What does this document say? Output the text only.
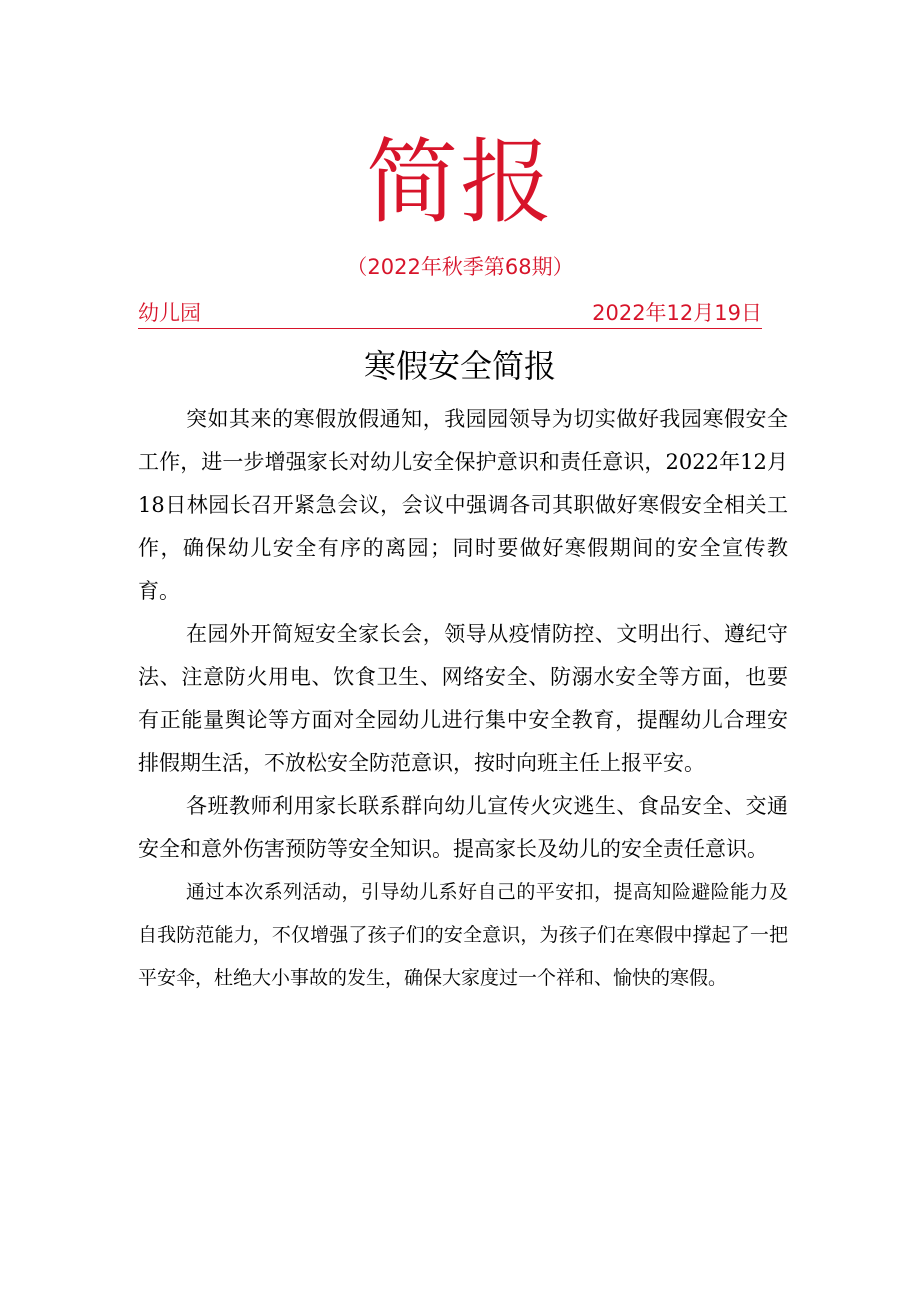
简报
（2022年秋季第68期）
幼儿园	2022年12月19日
寒假安全简报

突如其来的寒假放假通知，我园园领导为切实做好我园寒假安全工作，进一步增强家长对幼儿安全保护意识和责任意识，2022年12月18日林园长召开紧急会议，会议中强调各司其职做好寒假安全相关工作，确保幼儿安全有序的离园；同时要做好寒假期间的安全宣传教育。

在园外开简短安全家长会，领导从疫情防控、文明出行、遵纪守法、注意防火用电、饮食卫生、网络安全、防溺水安全等方面，也要有正能量舆论等方面对全园幼儿进行集中安全教育，提醒幼儿合理安排假期生活，不放松安全防范意识，按时向班主任上报平安。

各班教师利用家长联系群向幼儿宣传火灾逃生、食品安全、交通安全和意外伤害预防等安全知识。提高家长及幼儿的安全责任意识。

通过本次系列活动，引导幼儿系好自己的平安扣，提高知险避险能力及自我防范能力，不仅增强了孩子们的安全意识，为孩子们在寒假中撑起了一把平安伞，杜绝大小事故的发生，确保大家度过一个祥和、愉快的寒假。
